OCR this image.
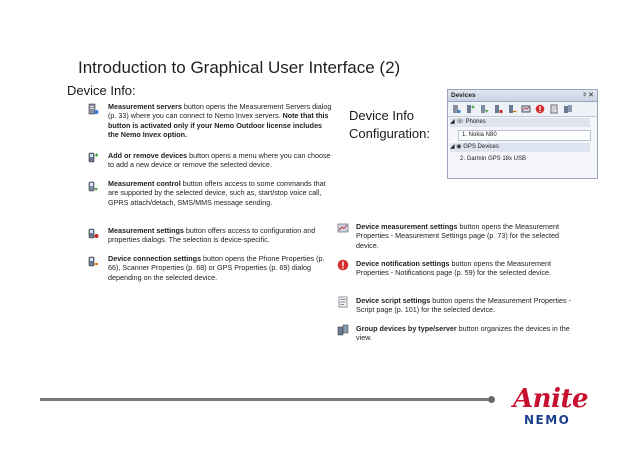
Introduction to Graphical User Interface (2)
Device Info:
Device Info
Configuration:
Measurement servers button opens the Measurement Servers dialog (p. 33) where you can connect to Nemo Invex servers. Note that this button is activated only if your Nemo Outdoor license includes the Nemo Invex option.
Add or remove devices button opens a menu where you can choose to add a new device or remove the selected device.
Measurement control button offers access to some commands that are supported by the selected device, such as, start/stop voice call, GPRS attach/detach, SMS/MMS message sending.
Measurement settings button offers access to configuration and properties dialogs. The selection is device-specific.
Device connection settings button opens the Phone Properties (p. 66), Scanner Properties (p. 68) or GPS Properties (p. 69) dialog depending on the selected device.
Devices	ᵖ ✕
◢ ☏ Phones
1. Nokia N80
◢ ◉ GPS Devices
2. Garmin GPS 18x USB
Device measurement settings button opens the Measurement Properties - Measurement Settings page (p. 73) for the selected device.
Device notification settings button opens the Measurement Properties - Notifications page (p. 59) for the selected device.
Device script settings button opens the Measurement Properties - Script page (p. 101) for the selected device.
Group devices by type/server button organizes the devices in the view.
Anite
NEMO
